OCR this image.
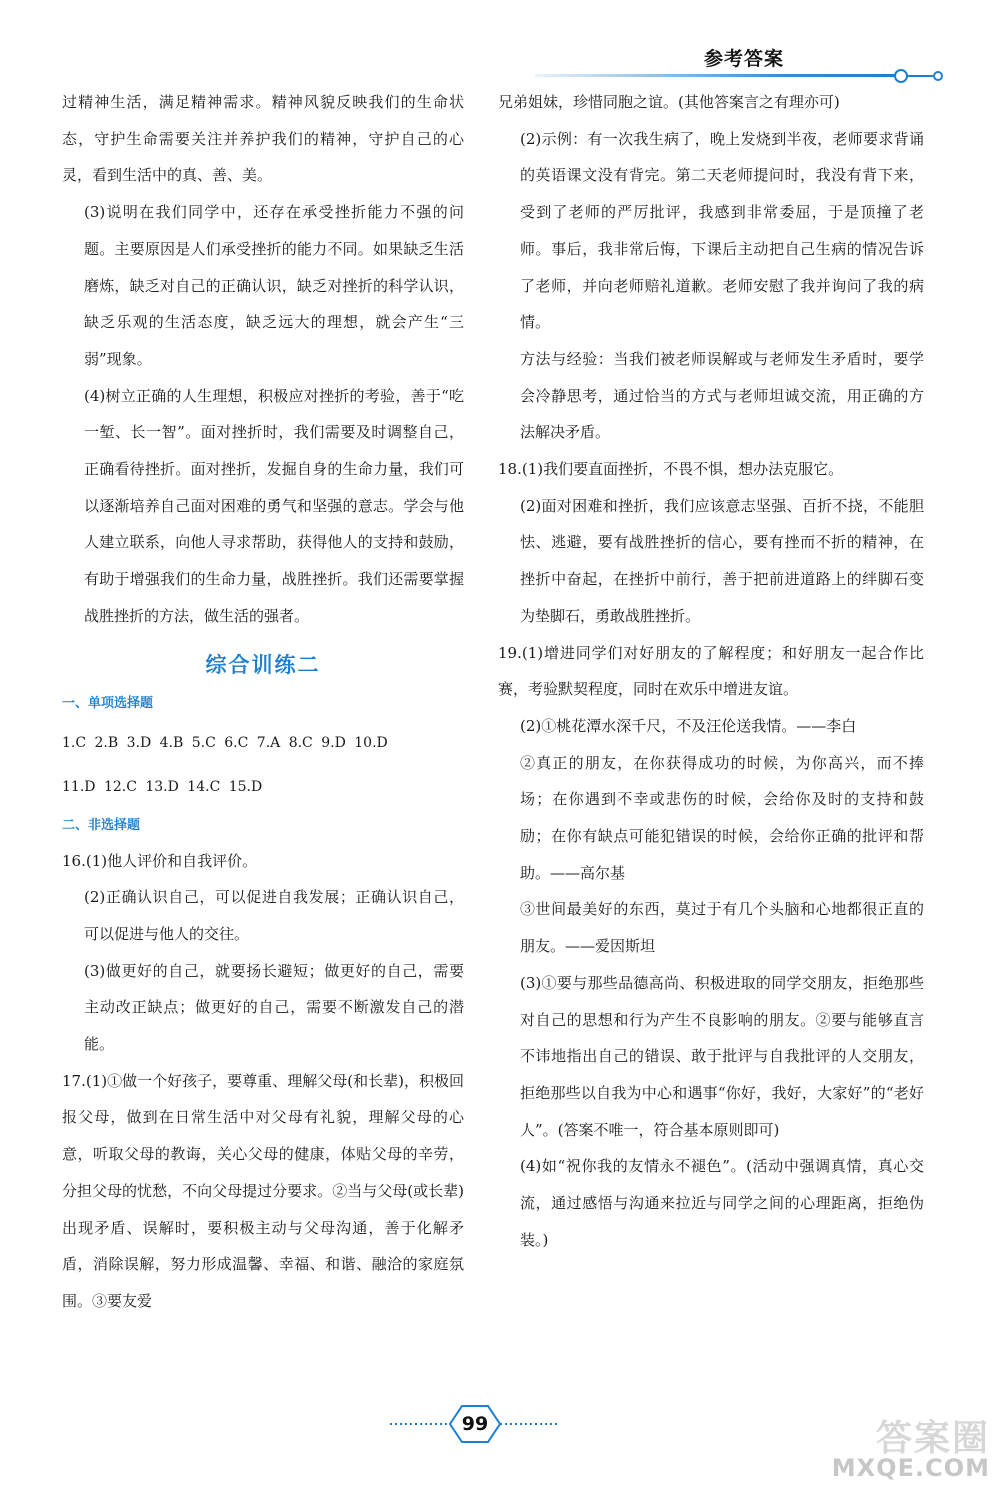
参考答案

过精神生活，满足精神需求。精神风貌反映我们的生命状态，守护生命需要关注并养护我们的精神，守护自己的心灵，看到生活中的真、善、美。

(3)说明在我们同学中，还存在承受挫折能力不强的问题。主要原因是人们承受挫折的能力不同。如果缺乏生活磨炼，缺乏对自己的正确认识，缺乏对挫折的科学认识，缺乏乐观的生活态度，缺乏远大的理想，就会产生“三弱”现象。

(4)树立正确的人生理想，积极应对挫折的考验，善于“吃一堑、长一智”。面对挫折时，我们需要及时调整自己，正确看待挫折。面对挫折，发掘自身的生命力量，我们可以逐渐培养自己面对困难的勇气和坚强的意志。学会与他人建立联系，向他人寻求帮助，获得他人的支持和鼓励，有助于增强我们的生命力量，战胜挫折。我们还需要掌握战胜挫折的方法，做生活的强者。

综合训练二
一、单项选择题

1.C 2.B 3.D 4.B 5.C 6.C 7.A 8.C 9.D 10.D

11.D 12.C 13.D 14.C 15.D

二、非选择题

16.(1)他人评价和自我评价。

(2)正确认识自己，可以促进自我发展；正确认识自己，可以促进与他人的交往。

(3)做更好的自己，就要扬长避短；做更好的自己，需要主动改正缺点；做更好的自己，需要不断激发自己的潜能。

17.(1)①做一个好孩子，要尊重、理解父母(和长辈)，积极回报父母，做到在日常生活中对父母有礼貌，理解父母的心意，听取父母的教诲，关心父母的健康，体贴父母的辛劳，分担父母的忧愁，不向父母提过分要求。②当与父母(或长辈)出现矛盾、误解时，要积极主动与父母沟通，善于化解矛盾，消除误解，努力形成温馨、幸福、和谐、融洽的家庭氛围。③要友爱

兄弟姐妹，珍惜同胞之谊。(其他答案言之有理亦可)

(2)示例：有一次我生病了，晚上发烧到半夜，老师要求背诵的英语课文没有背完。第二天老师提问时，我没有背下来，受到了老师的严厉批评，我感到非常委屈，于是顶撞了老师。事后，我非常后悔，下课后主动把自己生病的情况告诉了老师，并向老师赔礼道歉。老师安慰了我并询问了我的病情。

方法与经验：当我们被老师误解或与老师发生矛盾时，要学会冷静思考，通过恰当的方式与老师坦诚交流，用正确的方法解决矛盾。

18.(1)我们要直面挫折，不畏不惧，想办法克服它。

(2)面对困难和挫折，我们应该意志坚强、百折不挠，不能胆怯、逃避，要有战胜挫折的信心，要有挫而不折的精神，在挫折中奋起，在挫折中前行，善于把前进道路上的绊脚石变为垫脚石，勇敢战胜挫折。

19.(1)增进同学们对好朋友的了解程度；和好朋友一起合作比赛，考验默契程度，同时在欢乐中增进友谊。

(2)①桃花潭水深千尺，不及汪伦送我情。——李白

②真正的朋友，在你获得成功的时候，为你高兴，而不捧场；在你遇到不幸或悲伤的时候，会给你及时的支持和鼓励；在你有缺点可能犯错误的时候，会给你正确的批评和帮助。——高尔基

③世间最美好的东西，莫过于有几个头脑和心地都很正直的朋友。——爱因斯坦

(3)①要与那些品德高尚、积极进取的同学交朋友，拒绝那些对自己的思想和行为产生不良影响的朋友。②要与能够直言不讳地指出自己的错误、敢于批评与自我批评的人交朋友，拒绝那些以自我为中心和遇事“你好，我好，大家好”的“老好人”。(答案不唯一，符合基本原则即可)

(4)如“祝你我的友情永不褪色”。(活动中强调真情，真心交流，通过感悟与沟通来拉近与同学之间的心理距离，拒绝伪装。)

99	答案圈
MXQE.COM
